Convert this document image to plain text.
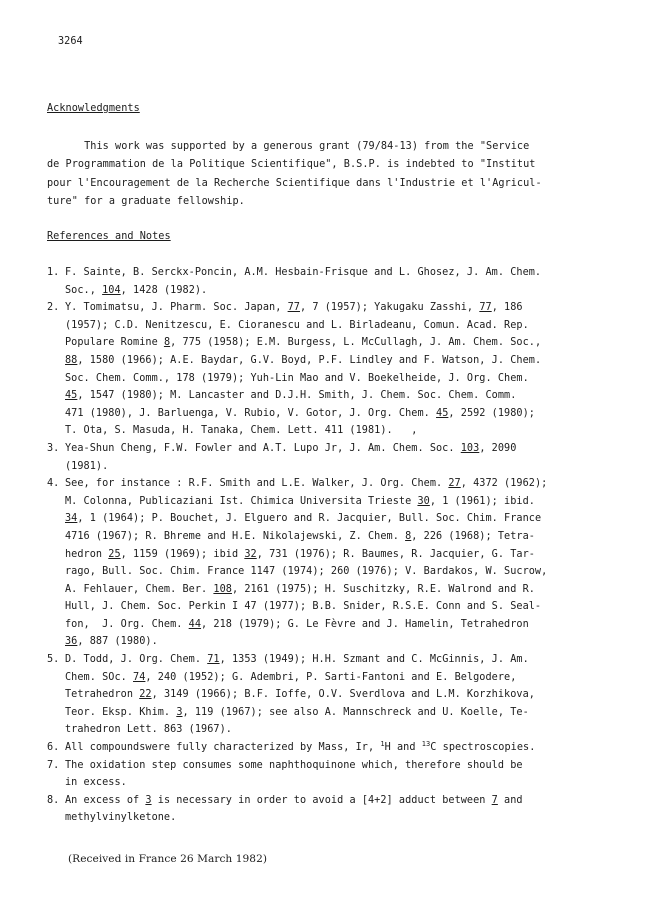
3264
Acknowledgments
This work was supported by a generous grant (79/84-13) from the "Service
de Programmation de la Politique Scientifique", B.S.P. is indebted to "Institut
pour l'Encouragement de la Recherche Scientifique dans l'Industrie et l'Agricul-
ture" for a graduate fellowship.
References and Notes
1. F. Sainte, B. Serckx-Poncin, A.M. Hesbain-Frisque and L. Ghosez, J. Am. Chem.
Soc., 104, 1428 (1982).
2. Y. Tomimatsu, J. Pharm. Soc. Japan, 77, 7 (1957); Yakugaku Zasshi, 77, 186
(1957); C.D. Nenitzescu, E. Cioranescu and L. Birladeanu, Comun. Acad. Rep.
Populare Romine 8, 775 (1958); E.M. Burgess, L. McCullagh, J. Am. Chem. Soc.,
88, 1580 (1966); A.E. Baydar, G.V. Boyd, P.F. Lindley and F. Watson, J. Chem.
Soc. Chem. Comm., 178 (1979); Yuh-Lin Mao and V. Boekelheide, J. Org. Chem.
45, 1547 (1980); M. Lancaster and D.J.H. Smith, J. Chem. Soc. Chem. Comm.
471 (1980), J. Barluenga, V. Rubio, V. Gotor, J. Org. Chem. 45, 2592 (1980);
T. Ota, S. Masuda, H. Tanaka, Chem. Lett. 411 (1981).   ,
3. Yea-Shun Cheng, F.W. Fowler and A.T. Lupo Jr, J. Am. Chem. Soc. 103, 2090
(1981).
4. See, for instance : R.F. Smith and L.E. Walker, J. Org. Chem. 27, 4372 (1962);
M. Colonna, Publicaziani Ist. Chimica Universita Trieste 30, 1 (1961); ibid.
34, 1 (1964); P. Bouchet, J. Elguero and R. Jacquier, Bull. Soc. Chim. France
4716 (1967); R. Bhreme and H.E. Nikolajewski, Z. Chem. 8, 226 (1968); Tetra-
hedron 25, 1159 (1969); ibid 32, 731 (1976); R. Baumes, R. Jacquier, G. Tar-
rago, Bull. Soc. Chim. France 1147 (1974); 260 (1976); V. Bardakos, W. Sucrow,
A. Fehlauer, Chem. Ber. 108, 2161 (1975); H. Suschitzky, R.E. Walrond and R.
Hull, J. Chem. Soc. Perkin I 47 (1977); B.B. Snider, R.S.E. Conn and S. Seal-
fon,  J. Org. Chem. 44, 218 (1979); G. Le Fèvre and J. Hamelin, Tetrahedron
36, 887 (1980).
5. D. Todd, J. Org. Chem. 71, 1353 (1949); H.H. Szmant and C. McGinnis, J. Am.
Chem. SOc. 74, 240 (1952); G. Adembri, P. Sarti-Fantoni and E. Belgodere,
Tetrahedron 22, 3149 (1966); B.F. Ioffe, O.V. Sverdlova and L.M. Korzhikova,
Teor. Eksp. Khim. 3, 119 (1967); see also A. Mannschreck and U. Koelle, Te-
trahedron Lett. 863 (1967).
6. All compoundswere fully characterized by Mass, Ir, $^1$H and $^{13}$C spectroscopies.
7. The oxidation step consumes some naphthoquinone which, therefore should be
in excess.
8. An excess of 3 is necessary in order to avoid a [4+2] adduct between 7 and
methylvinylketone.
(Received in France 26 March 1982)
